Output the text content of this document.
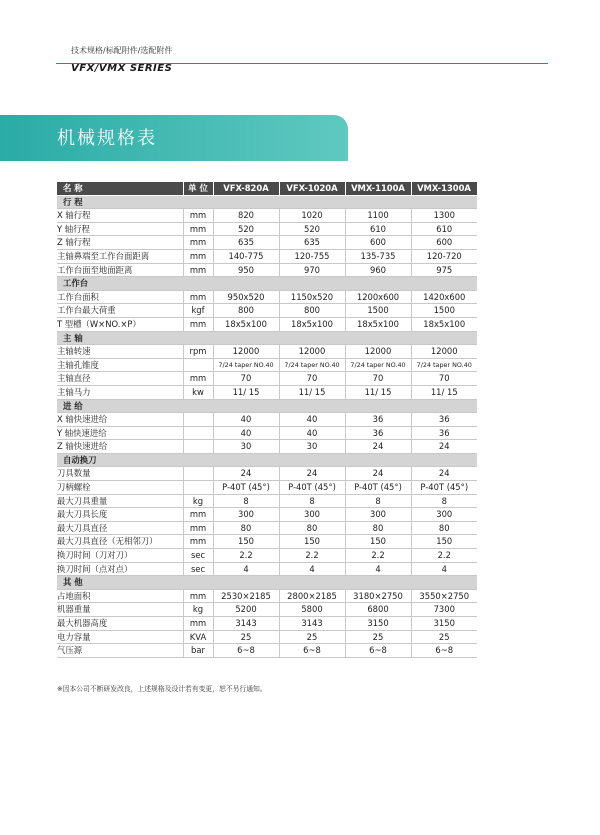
技术规格/标配附件/选配附件
VFX/VMX SERIES
机械规格表
名 称	单 位	VFX-820A	VFX-1020A	VMX-1100A	VMX-1300A
行 程					
X 轴行程	mm	820	1020	1100	1300
Y 轴行程	mm	520	520	610	610
Z 轴行程	mm	635	635	600	600
主轴鼻端至工作台面距离	mm	140-775	120-755	135-735	120-720
工作台面至地面距离	mm	950	970	960	975
工作台					
工作台面积	mm	950x520	1150x520	1200x600	1420x600
工作台最大荷重	kgf	800	800	1500	1500
T 型槽（W×NO.×P）	mm	18x5x100	18x5x100	18x5x100	18x5x100
主 轴					
主轴转速	rpm	12000	12000	12000	12000
主轴孔锥度		7/24 taper NO.40	7/24 taper NO.40	7/24 taper NO.40	7/24 taper NO.40
主轴直径	mm	70	70	70	70
主轴马力	kw	11/ 15	11/ 15	11/ 15	11/ 15
进 给					
X 轴快速进给		40	40	36	36
Y 轴快速进给		40	40	36	36
Z 轴快速进给		30	30	24	24
自动换刀					
刀具数量		24	24	24	24
刀柄螺栓		P-40T (45°)	P-40T (45°)	P-40T (45°)	P-40T (45°)
最大刀具重量	kg	8	8	8	8
最大刀具长度	mm	300	300	300	300
最大刀具直径	mm	80	80	80	80
最大刀具直径（无相邻刀）	mm	150	150	150	150
换刀时间（刀对刀）	sec	2.2	2.2	2.2	2.2
换刀时间（点对点）	sec	4	4	4	4
其 他					
占地面积	mm	2530×2185	2800×2185	3180×2750	3550×2750
机器重量	kg	5200	5800	6800	7300
最大机器高度	mm	3143	3143	3150	3150
电力容量	KVA	25	25	25	25
气压源	bar	6~8	6~8	6~8	6~8
※因本公司不断研发改良，上述规格及设计若有变更，恕不另行通知。
